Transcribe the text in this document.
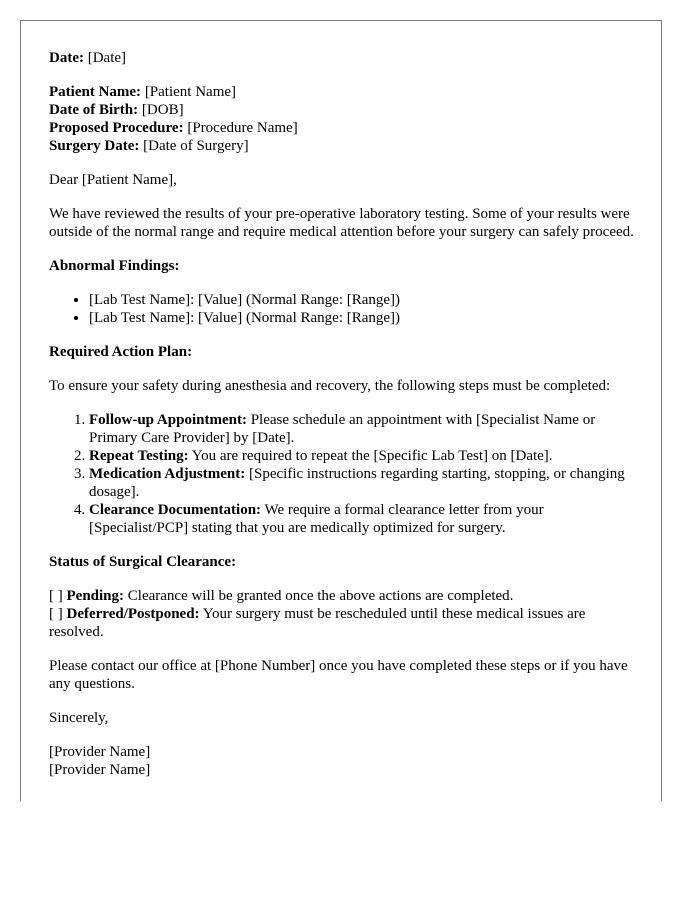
Date: [Date]

Patient Name: [Patient Name]

Date of Birth: [DOB]

Proposed Procedure: [Procedure Name]

Surgery Date: [Date of Surgery]

Dear [Patient Name],

We have reviewed the results of your pre-operative laboratory testing. Some of your results were outside of the normal range and require medical attention before your surgery can safely proceed.

Abnormal Findings:

• [Lab Test Name]: [Value] (Normal Range: [Range])
• [Lab Test Name]: [Value] (Normal Range: [Range])

Required Action Plan:

To ensure your safety during anesthesia and recovery, the following steps must be completed:

1. Follow-up Appointment: Please schedule an appointment with [Specialist Name or Primary Care Provider] by [Date].
2. Repeat Testing: You are required to repeat the [Specific Lab Test] on [Date].
3. Medication Adjustment: [Specific instructions regarding starting, stopping, or changing dosage].
4. Clearance Documentation: We require a formal clearance letter from your [Specialist/PCP] stating that you are medically optimized for surgery.

Status of Surgical Clearance:

[ ] Pending: Clearance will be granted once the above actions are completed.

[ ] Deferred/Postponed: Your surgery must be rescheduled until these medical issues are resolved.

Please contact our office at [Phone Number] once you have completed these steps or if you have any questions.

Sincerely,

[Provider Name]

[Provider Name]
